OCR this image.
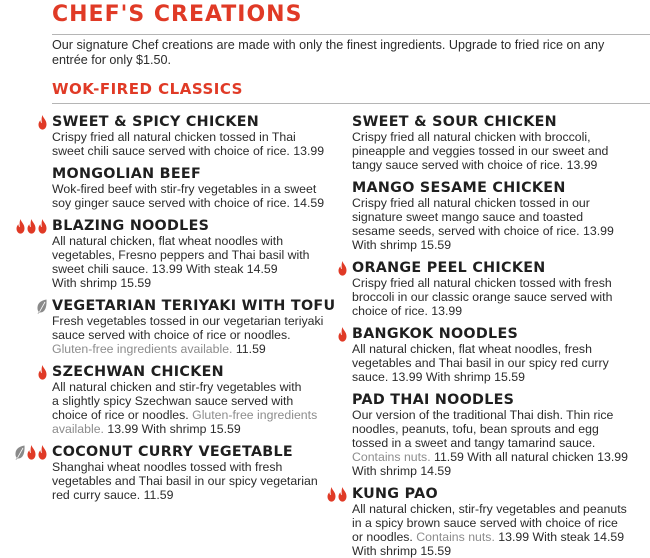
CHEF'S CREATIONS

Our signature Chef creations are made with only the finest ingredients. Upgrade to fried rice on any entrée for only $1.50.

WOK-FIRED CLASSICS

SWEET & SPICY CHICKEN

Crispy fried all natural chicken tossed in Thai
sweet chili sauce served with choice of rice. 13.99

MONGOLIAN BEEF

Wok-fired beef with stir-fry vegetables in a sweet
soy ginger sauce served with choice of rice. 14.59

BLAZING NOODLES

All natural chicken, flat wheat noodles with
vegetables, Fresno peppers and Thai basil with
sweet chili sauce. 13.99 With steak 14.59
With shrimp 15.59

VEGETARIAN TERIYAKI WITH TOFU

Fresh vegetables tossed in our vegetarian teriyaki
sauce served with choice of rice or noodles.
Gluten-free ingredients available. 11.59

SZECHWAN CHICKEN

All natural chicken and stir-fry vegetables with
a slightly spicy Szechwan sauce served with
choice of rice or noodles. Gluten-free ingredients
available. 13.99 With shrimp 15.59

COCONUT CURRY VEGETABLE

Shanghai wheat noodles tossed with fresh
vegetables and Thai basil in our spicy vegetarian
red curry sauce. 11.59

SWEET & SOUR CHICKEN

Crispy fried all natural chicken with broccoli,
pineapple and veggies tossed in our sweet and
tangy sauce served with choice of rice. 13.99

MANGO SESAME CHICKEN

Crispy fried all natural chicken tossed in our
signature sweet mango sauce and toasted
sesame seeds, served with choice of rice. 13.99
With shrimp 15.59

ORANGE PEEL CHICKEN

Crispy fried all natural chicken tossed with fresh
broccoli in our classic orange sauce served with
choice of rice. 13.99

BANGKOK NOODLES

All natural chicken, flat wheat noodles, fresh
vegetables and Thai basil in our spicy red curry
sauce. 13.99 With shrimp 15.59

PAD THAI NOODLES

Our version of the traditional Thai dish. Thin rice
noodles, peanuts, tofu, bean sprouts and egg
tossed in a sweet and tangy tamarind sauce.
Contains nuts. 11.59 With all natural chicken 13.99
With shrimp 14.59

KUNG PAO

All natural chicken, stir-fry vegetables and peanuts
in a spicy brown sauce served with choice of rice
or noodles. Contains nuts. 13.99 With steak 14.59
With shrimp 15.59
